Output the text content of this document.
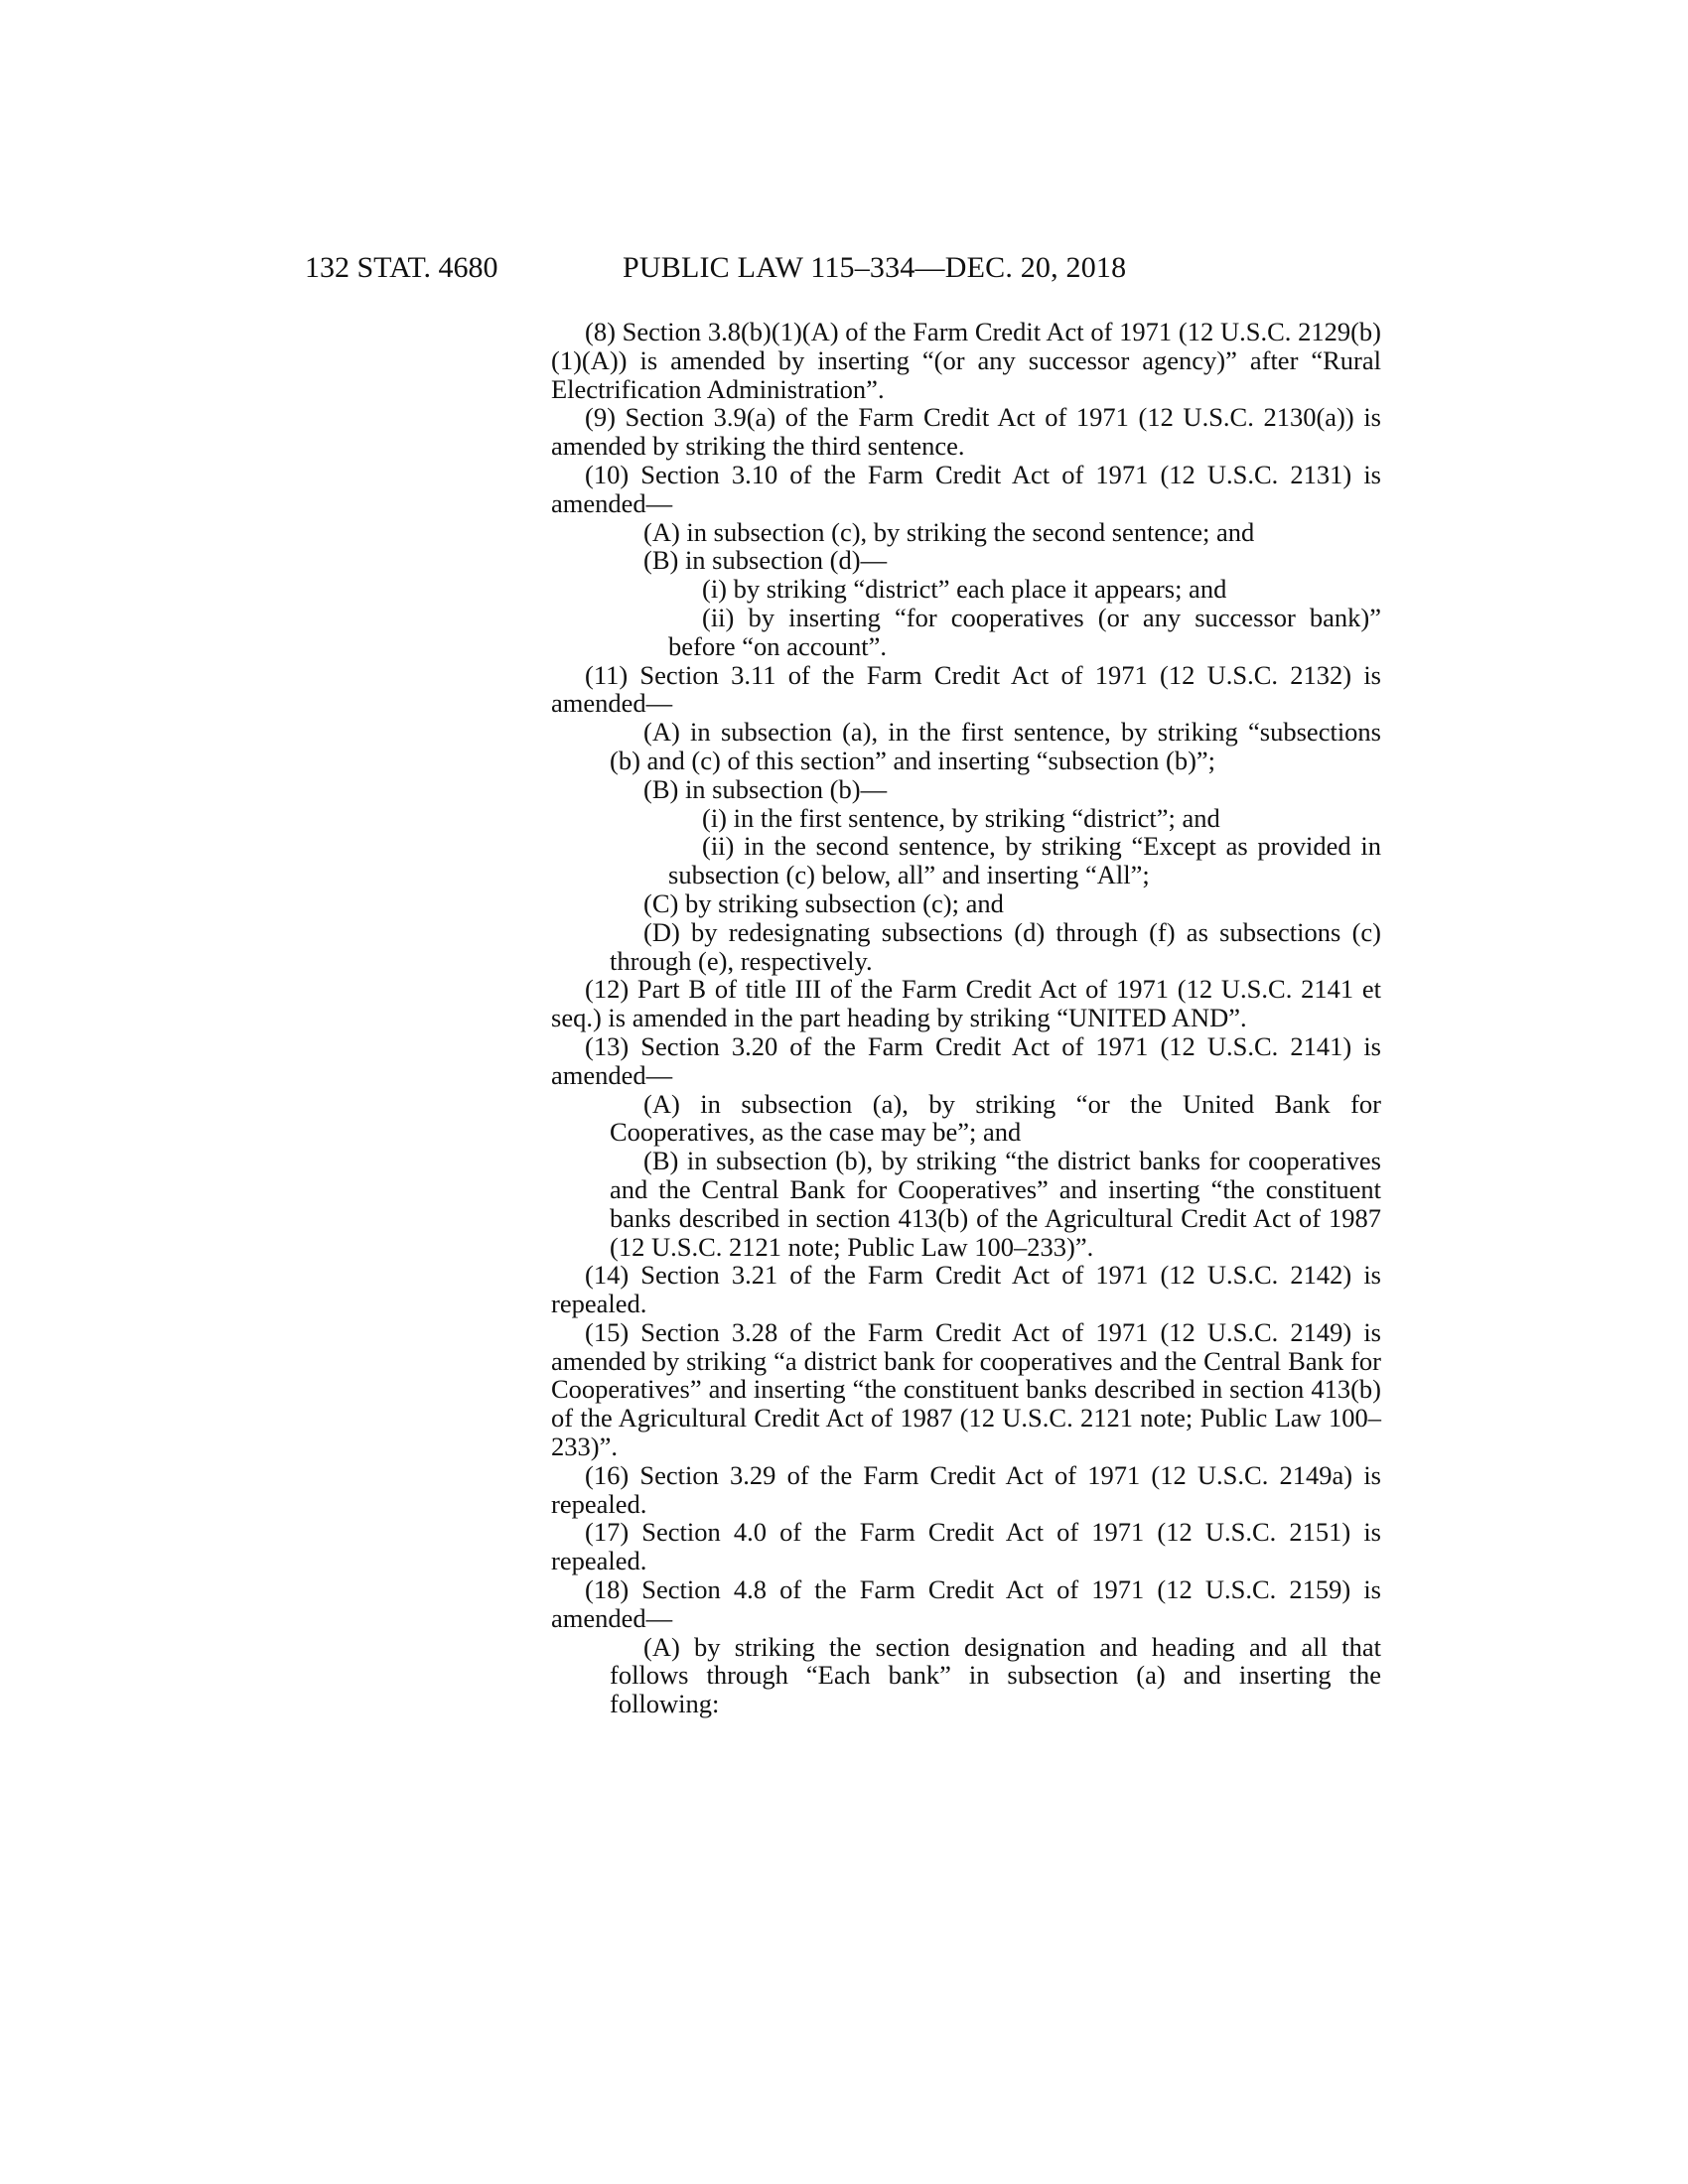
132 STAT. 4680	PUBLIC LAW 115–334—DEC. 20, 2018

(8) Section 3.8(b)(1)(A) of the Farm Credit Act of 1971 (12 U.S.C. 2129(b)(1)(A)) is amended by inserting “(or any successor agency)” after “Rural Electrification Administration”.

(9) Section 3.9(a) of the Farm Credit Act of 1971 (12 U.S.C. 2130(a)) is amended by striking the third sentence.

(10) Section 3.10 of the Farm Credit Act of 1971 (12 U.S.C. 2131) is amended—

(A) in subsection (c), by striking the second sentence; and

(B) in subsection (d)—

(i) by striking “district” each place it appears; and

(ii) by inserting “for cooperatives (or any successor bank)” before “on account”.

(11) Section 3.11 of the Farm Credit Act of 1971 (12 U.S.C. 2132) is amended—

(A) in subsection (a), in the first sentence, by striking “subsections (b) and (c) of this section” and inserting “subsection (b)”;

(B) in subsection (b)—

(i) in the first sentence, by striking “district”; and

(ii) in the second sentence, by striking “Except as provided in subsection (c) below, all” and inserting “All”;

(C) by striking subsection (c); and

(D) by redesignating subsections (d) through (f) as subsections (c) through (e), respectively.

(12) Part B of title III of the Farm Credit Act of 1971 (12 U.S.C. 2141 et seq.) is amended in the part heading by striking “UNITED AND”.

(13) Section 3.20 of the Farm Credit Act of 1971 (12 U.S.C. 2141) is amended—

(A) in subsection (a), by striking “or the United Bank for Cooperatives, as the case may be”; and

(B) in subsection (b), by striking “the district banks for cooperatives and the Central Bank for Cooperatives” and inserting “the constituent banks described in section 413(b) of the Agricultural Credit Act of 1987 (12 U.S.C. 2121 note; Public Law 100–233)”.

(14) Section 3.21 of the Farm Credit Act of 1971 (12 U.S.C. 2142) is repealed.

(15) Section 3.28 of the Farm Credit Act of 1971 (12 U.S.C. 2149) is amended by striking “a district bank for cooperatives and the Central Bank for Cooperatives” and inserting “the constituent banks described in section 413(b) of the Agricultural Credit Act of 1987 (12 U.S.C. 2121 note; Public Law 100–233)”.

(16) Section 3.29 of the Farm Credit Act of 1971 (12 U.S.C. 2149a) is repealed.

(17) Section 4.0 of the Farm Credit Act of 1971 (12 U.S.C. 2151) is repealed.

(18) Section 4.8 of the Farm Credit Act of 1971 (12 U.S.C. 2159) is amended—

(A) by striking the section designation and heading and all that follows through “Each bank” in subsection (a) and inserting the following:
